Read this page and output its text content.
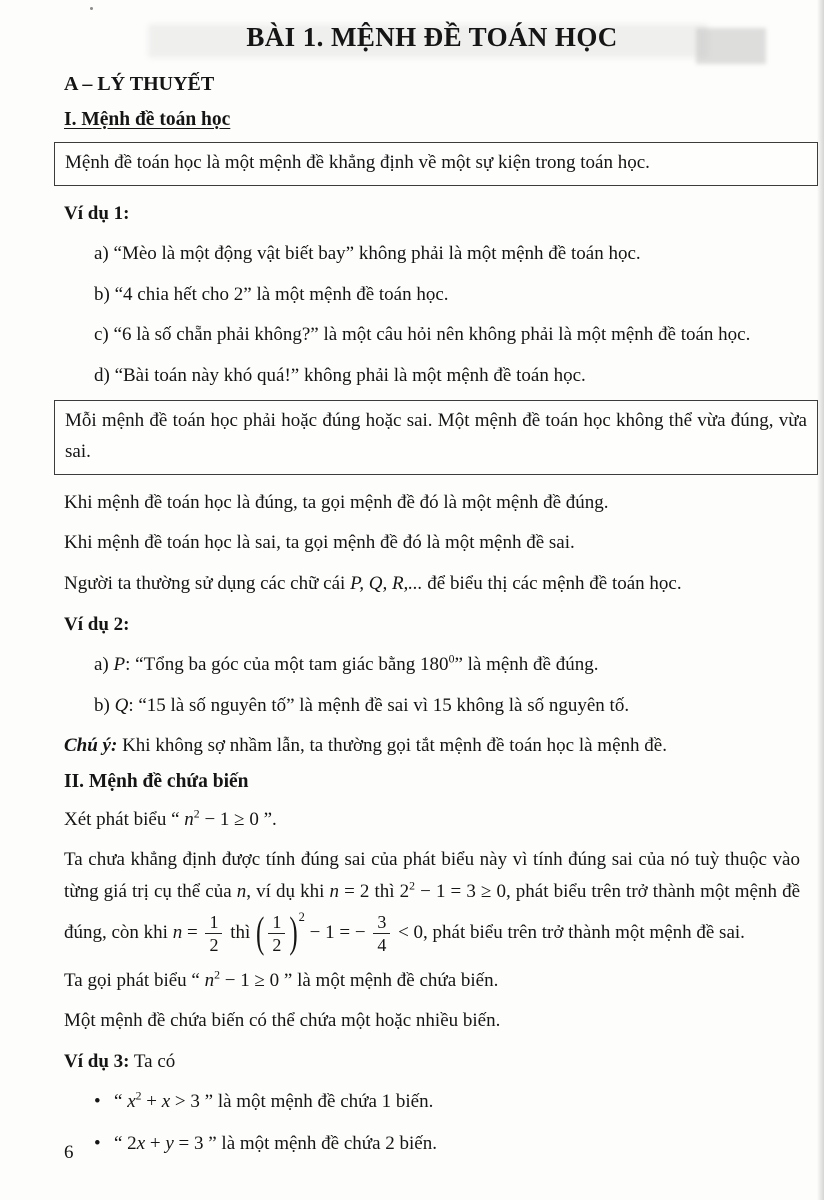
BÀI 1. MỆNH ĐỀ TOÁN HỌC
A – LÝ THUYẾT
I. Mệnh đề toán học
Mệnh đề toán học là một mệnh đề khẳng định về một sự kiện trong toán học.

Ví dụ 1:

a) “Mèo là một động vật biết bay” không phải là một mệnh đề toán học.

b) “4 chia hết cho 2” là một mệnh đề toán học.

c) “6 là số chẵn phải không?” là một câu hỏi nên không phải là một mệnh đề toán học.

d) “Bài toán này khó quá!” không phải là một mệnh đề toán học.

Mỗi mệnh đề toán học phải hoặc đúng hoặc sai. Một mệnh đề toán học không thể vừa đúng, vừa sai.

Khi mệnh đề toán học là đúng, ta gọi mệnh đề đó là một mệnh đề đúng.

Khi mệnh đề toán học là sai, ta gọi mệnh đề đó là một mệnh đề sai.

Người ta thường sử dụng các chữ cái P, Q, R,... để biểu thị các mệnh đề toán học.

Ví dụ 2:

a) P: “Tổng ba góc của một tam giác bằng $180^0$” là mệnh đề đúng.

b) Q: “15 là số nguyên tố” là mệnh đề sai vì 15 không là số nguyên tố.

Chú ý: Khi không sợ nhầm lẫn, ta thường gọi tắt mệnh đề toán học là mệnh đề.

II. Mệnh đề chứa biến

Xét phát biểu “ $n^2 - 1 \ge 0$ ”.

Ta chưa khẳng định được tính đúng sai của phát biểu này vì tính đúng sai của nó tuỳ thuộc vào từng giá trị cụ thể của n, ví dụ khi n = 2 thì $2^2 - 1 = 3 \ge 0$, phát biểu trên trở thành một mệnh đề đúng, còn khi $n = \frac{1}{2}$ thì ( $\frac{1}{2} )^2 - 1$ = − $\frac{3}{4} < 0$, phát biểu trên trở thành một mệnh đề sai.

Ta gọi phát biểu “ $n^2 - 1 \ge 0$ ” là một mệnh đề chứa biến.

Một mệnh đề chứa biến có thể chứa một hoặc nhiều biến.

Ví dụ 3: Ta có

• “ $x^2 + x > 3$ ” là một mệnh đề chứa 1 biến.

• “ 2x + y = 3 ” là một mệnh đề chứa 2 biến.

6
